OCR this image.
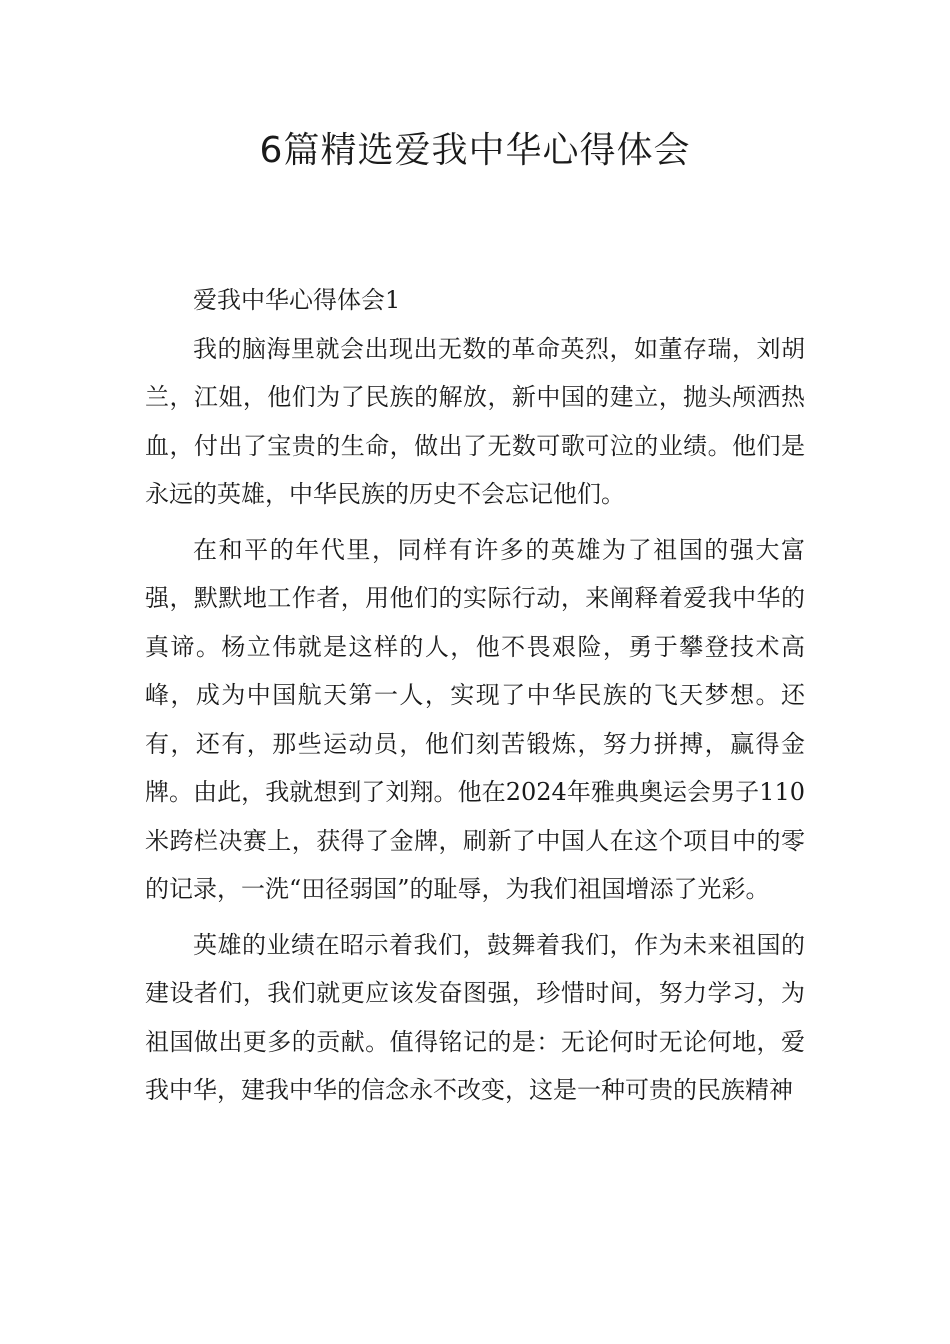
6篇精选爱我中华心得体会

爱我中华心得体会1

我的脑海里就会出现出无数的革命英烈，如董存瑞，刘胡兰，江姐，他们为了民族的解放，新中国的建立，抛头颅洒热血，付出了宝贵的生命，做出了无数可歌可泣的业绩。他们是永远的英雄，中华民族的历史不会忘记他们。

在和平的年代里，同样有许多的英雄为了祖国的强大富强，默默地工作者，用他们的实际行动，来阐释着爱我中华的真谛。杨立伟就是这样的人，他不畏艰险，勇于攀登技术高峰，成为中国航天第一人，实现了中华民族的飞天梦想。还有，还有，那些运动员，他们刻苦锻炼，努力拼搏，赢得金牌。由此，我就想到了刘翔。他在2024年雅典奥运会男子110米跨栏决赛上，获得了金牌，刷新了中国人在这个项目中的零的记录，一洗“田径弱国”的耻辱，为我们祖国增添了光彩。

英雄的业绩在昭示着我们，鼓舞着我们，作为未来祖国的建设者们，我们就更应该发奋图强，珍惜时间，努力学习，为祖国做出更多的贡献。值得铭记的是：无论何时无论何地，爱我中华，建我中华的信念永不改变，这是一种可贵的民族精神
